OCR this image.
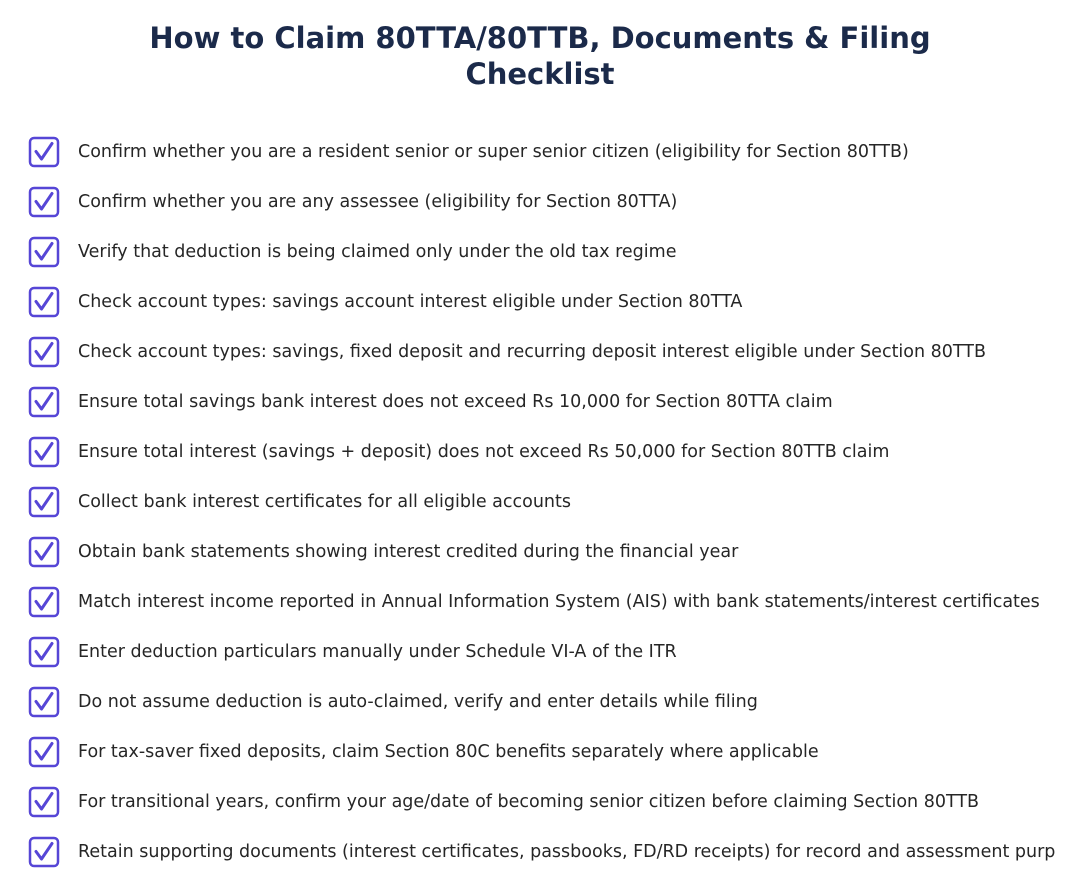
How to Claim 80TTA/80TTB, Documents & Filing Checklist
Confirm whether you are a resident senior or super senior citizen (eligibility for Section 80TTB)
Confirm whether you are any assessee (eligibility for Section 80TTA)
Verify that deduction is being claimed only under the old tax regime
Check account types: savings account interest eligible under Section 80TTA
Check account types: savings, fixed deposit and recurring deposit interest eligible under Section 80TTB
Ensure total savings bank interest does not exceed Rs 10,000 for Section 80TTA claim
Ensure total interest (savings + deposit) does not exceed Rs 50,000 for Section 80TTB claim
Collect bank interest certificates for all eligible accounts
Obtain bank statements showing interest credited during the financial year
Match interest income reported in Annual Information System (AIS) with bank statements/interest certificates
Enter deduction particulars manually under Schedule VI-A of the ITR
Do not assume deduction is auto-claimed, verify and enter details while filing
For tax-saver fixed deposits, claim Section 80C benefits separately where applicable
For transitional years, confirm your age/date of becoming senior citizen before claiming Section 80TTB
Retain supporting documents (interest certificates, passbooks, FD/RD receipts) for record and assessment purp
